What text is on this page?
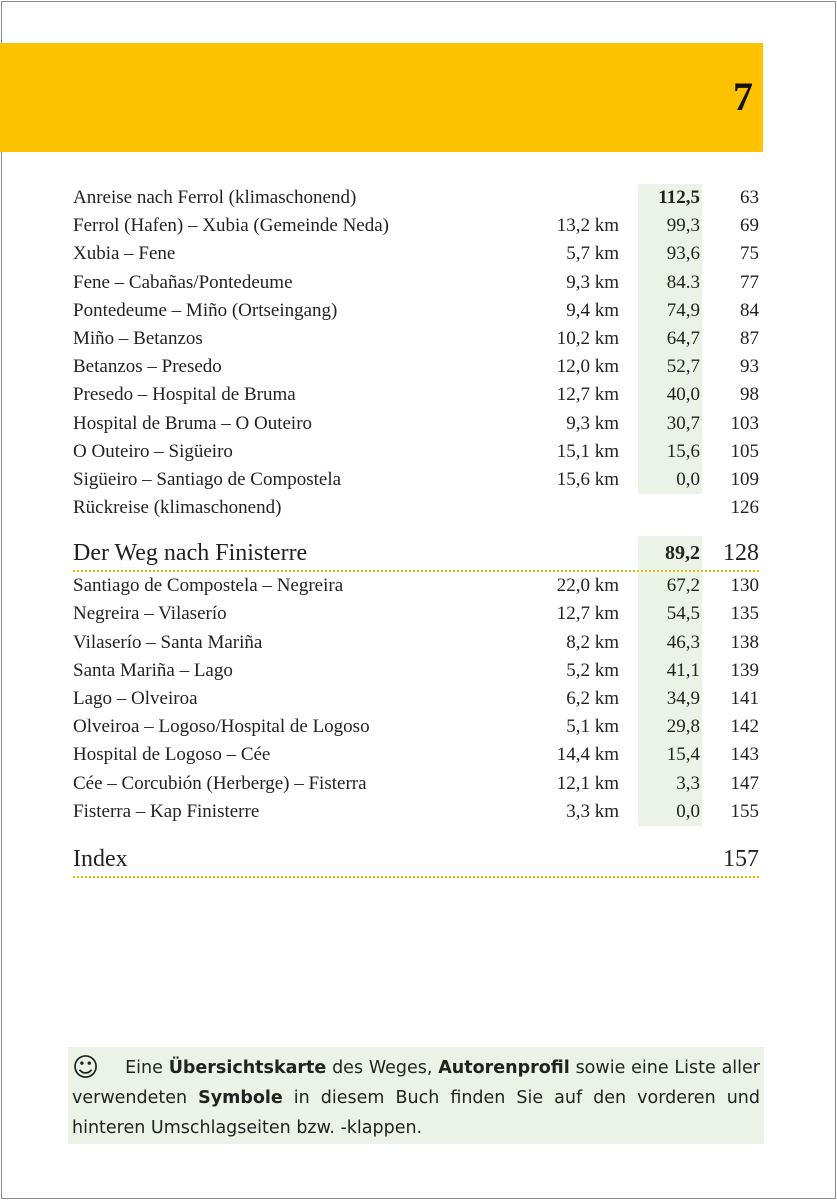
7
Anreise nach Ferrol (klimaschonend)	112,5 63
Ferrol (Hafen) – Xubia (Gemeinde Neda)	13,2 km	99,3 69
Xubia – Fene	5,7 km	93,6 75
Fene – Cabañas/Pontedeume	9,3 km	84.3 77
Pontedeume – Miño (Ortseingang)	9,4 km	74,9 84
Miño – Betanzos	10,2 km	64,7 87
Betanzos – Presedo	12,0 km	52,7 93
Presedo – Hospital de Bruma	12,7 km	40,0 98
Hospital de Bruma – O Outeiro	9,3 km	30,7 103
O Outeiro – Sigüeiro	15,1 km	15,6 105
Sigüeiro – Santiago de Compostela	15,6 km	0,0 109
Rückreise (klimaschonend)	126
Der Weg nach Finisterre	89,2 128
Santiago de Compostela – Negreira	22,0 km	67,2 130
Negreira – Vilaserío	12,7 km	54,5 135
Vilaserío – Santa Mariña	8,2 km	46,3 138
Santa Mariña – Lago	5,2 km	41,1 139
Lago – Olveiroa	6,2 km	34,9 141
Olveiroa – Logoso/Hospital de Logoso	5,1 km	29,8 142
Hospital de Logoso – Cée	14,4 km	15,4 143
Cée – Corcubión (Herberge) – Fisterra	12,1 km	3,3 147
Fisterra – Kap Finisterre	3,3 km	0,0 155
Index	157
☺ Eine Übersichtskarte des Weges, Autorenprofil sowie eine Liste aller verwendeten Symbole in diesem Buch finden Sie auf den vorderen und hinteren Umschlagseiten bzw. -klappen.
